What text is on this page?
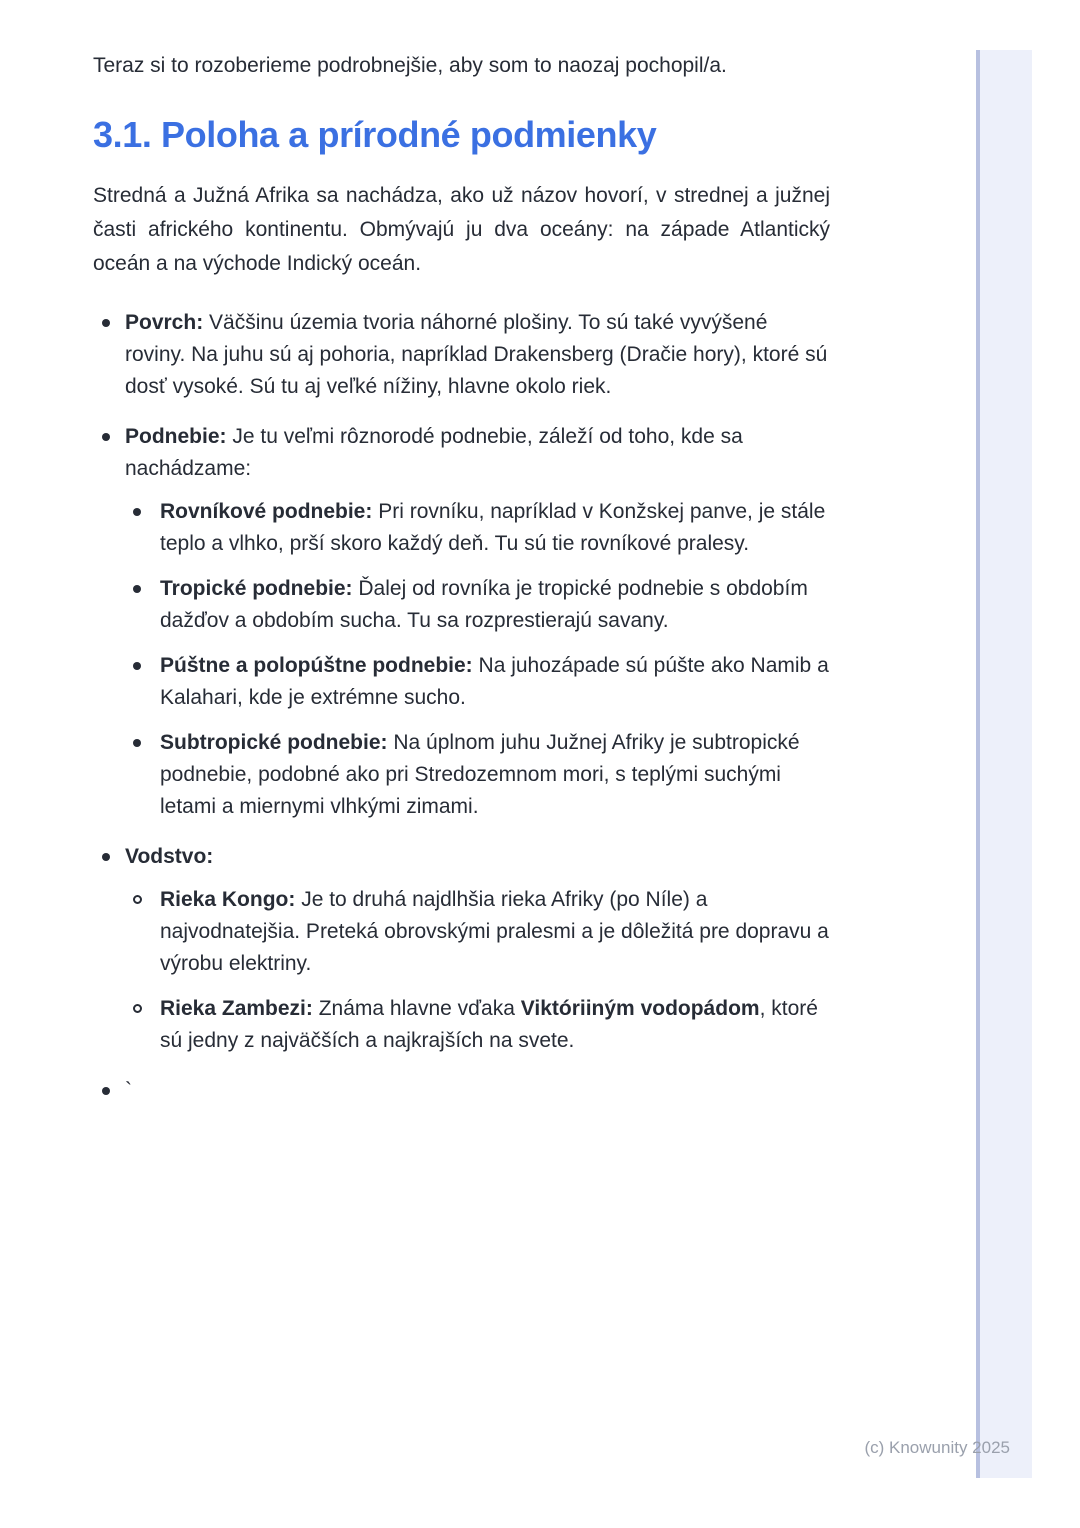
Teraz si to rozoberieme podrobnejšie, aby som to naozaj pochopil/a.

3.1. Poloha a prírodné podmienky

Stredná a Južná Afrika sa nachádza, ako už názov hovorí, v strednej a južnej časti afrického kontinentu. Obmývajú ju dva oceány: na západe Atlantický oceán a na východe Indický oceán.

Povrch: Väčšinu územia tvoria náhorné plošiny. To sú také vyvýšené roviny. Na juhu sú aj pohoria, napríklad Drakensberg (Dračie hory), ktoré sú dosť vysoké. Sú tu aj veľké nížiny, hlavne okolo riek.
Podnebie: Je tu veľmi rôznorodé podnebie, záleží od toho, kde sa nachádzame:
Rovníkové podnebie: Pri rovníku, napríklad v Konžskej panve, je stále teplo a vlhko, prší skoro každý deň. Tu sú tie rovníkové pralesy.
Tropické podnebie: Ďalej od rovníka je tropické podnebie s obdobím dažďov a obdobím sucha. Tu sa rozprestierajú savany.
Púštne a polopúštne podnebie: Na juhozápade sú púšte ako Namib a Kalahari, kde je extrémne sucho.
Subtropické podnebie: Na úplnom juhu Južnej Afriky je subtropické podnebie, podobné ako pri Stredozemnom mori, s teplými suchými letami a miernymi vlhkými zimami.
Vodstvo:
Rieka Kongo: Je to druhá najdlhšia rieka Afriky (po Níle) a najvodnatejšia. Preteká obrovskými pralesmi a je dôležitá pre dopravu a výrobu elektriny.
Rieka Zambezi: Známa hlavne vďaka Viktóriiným vodopádom, ktoré sú jedny z najväčších a najkrajších na svete.
`
(c) Knowunity 2025
